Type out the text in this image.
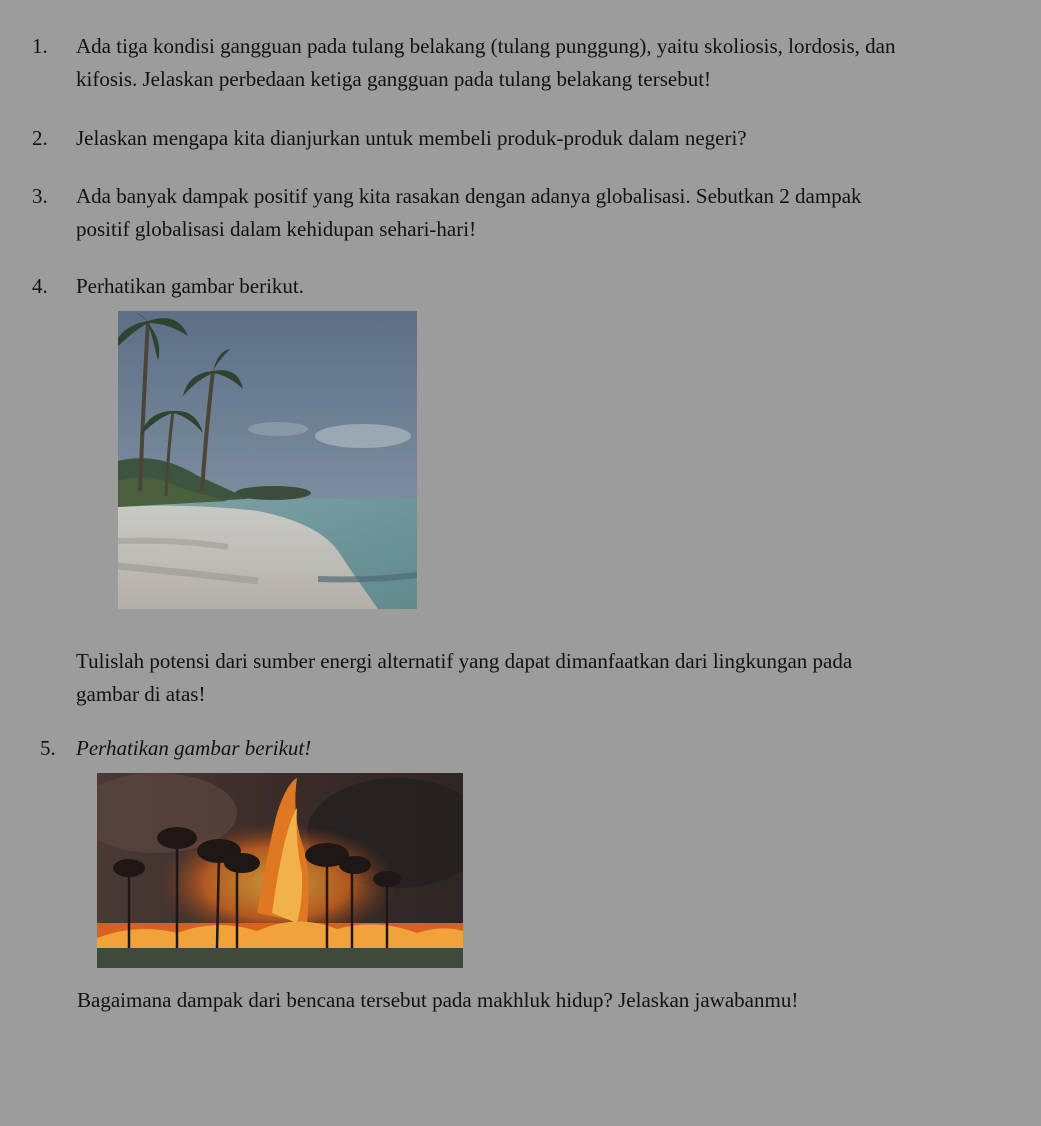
1. Ada tiga kondisi gangguan pada tulang belakang (tulang punggung), yaitu skoliosis, lordosis, dan
kifosis. Jelaskan perbedaan ketiga gangguan pada tulang belakang tersebut!
2. Jelaskan mengapa kita dianjurkan untuk membeli produk-produk dalam negeri?
3. Ada banyak dampak positif yang kita rasakan dengan adanya globalisasi. Sebutkan 2 dampak
positif globalisasi dalam kehidupan sehari-hari!
4. Perhatikan gambar berikut.
Tulislah potensi dari sumber energi alternatif yang dapat dimanfaatkan dari lingkungan pada
gambar di atas!
5. Perhatikan gambar berikut!
Bagaimana dampak dari bencana tersebut pada makhluk hidup? Jelaskan jawabanmu!
